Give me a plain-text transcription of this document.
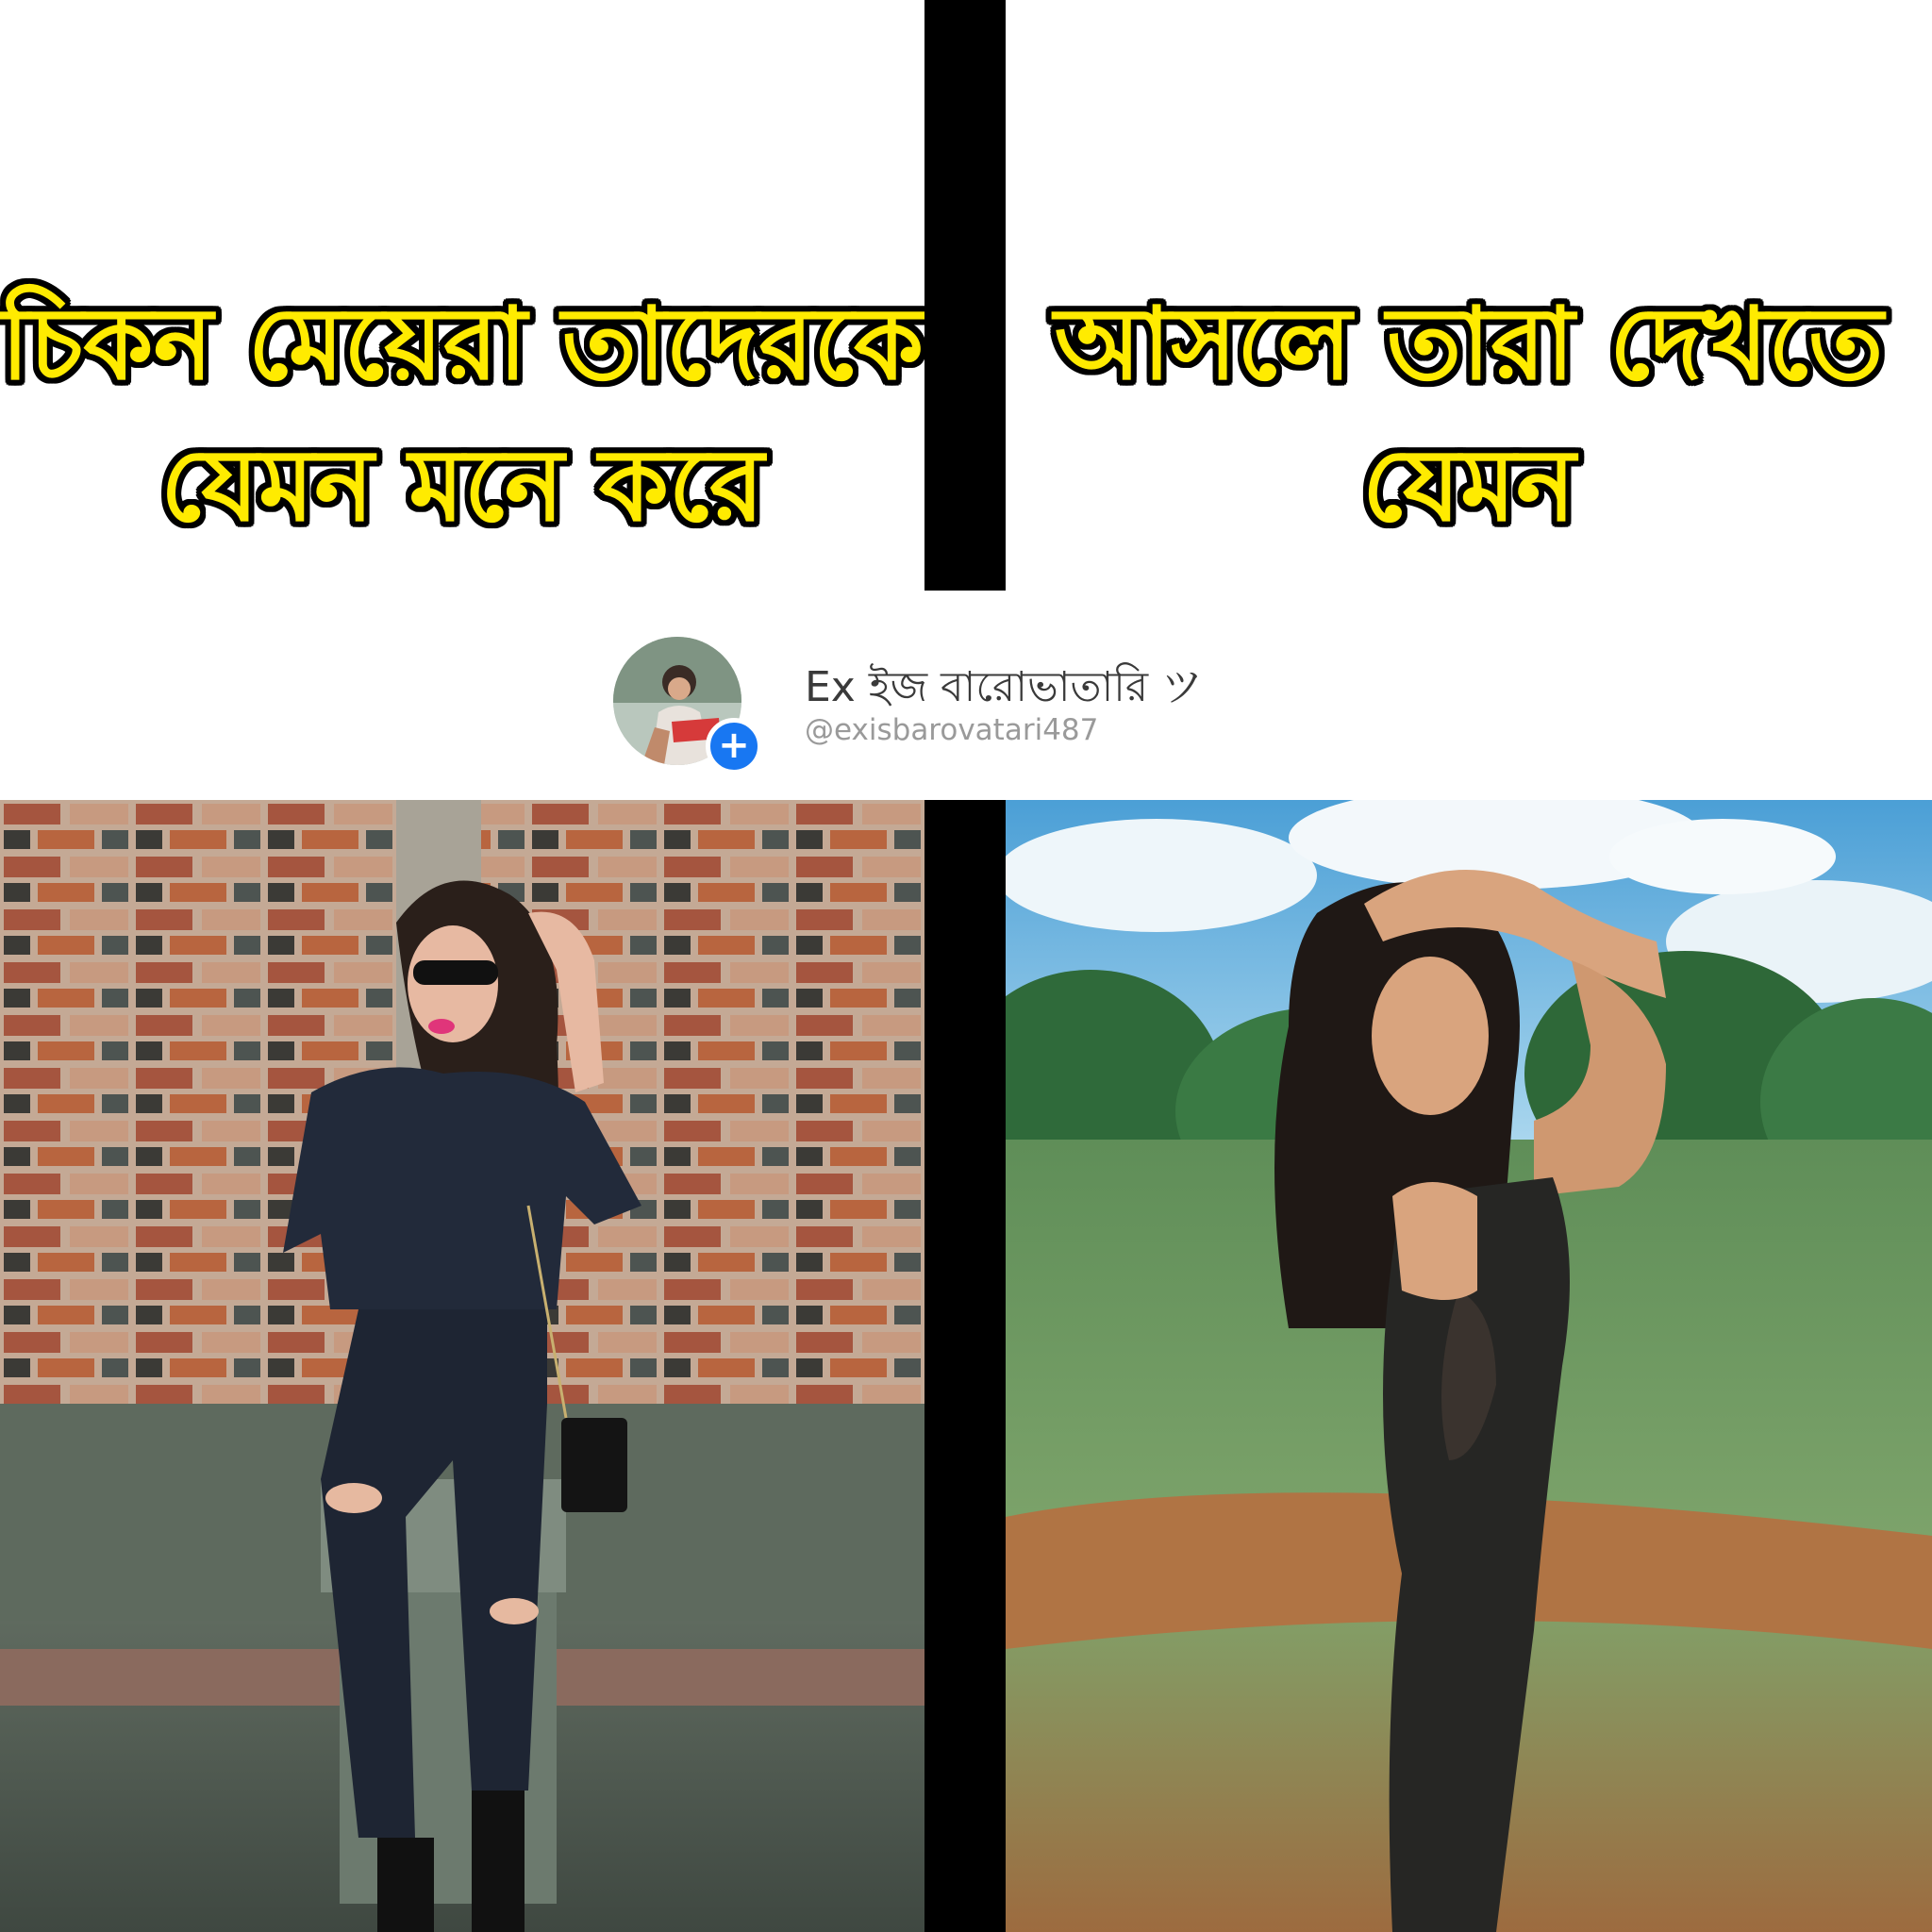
চিকন মেয়েরা তাদেরকে
যেমন মনে করে
আসলে তারা দেখতে
যেমন
+
Ex ইজ বারোভাতারি ツ
@exisbarovatari487
